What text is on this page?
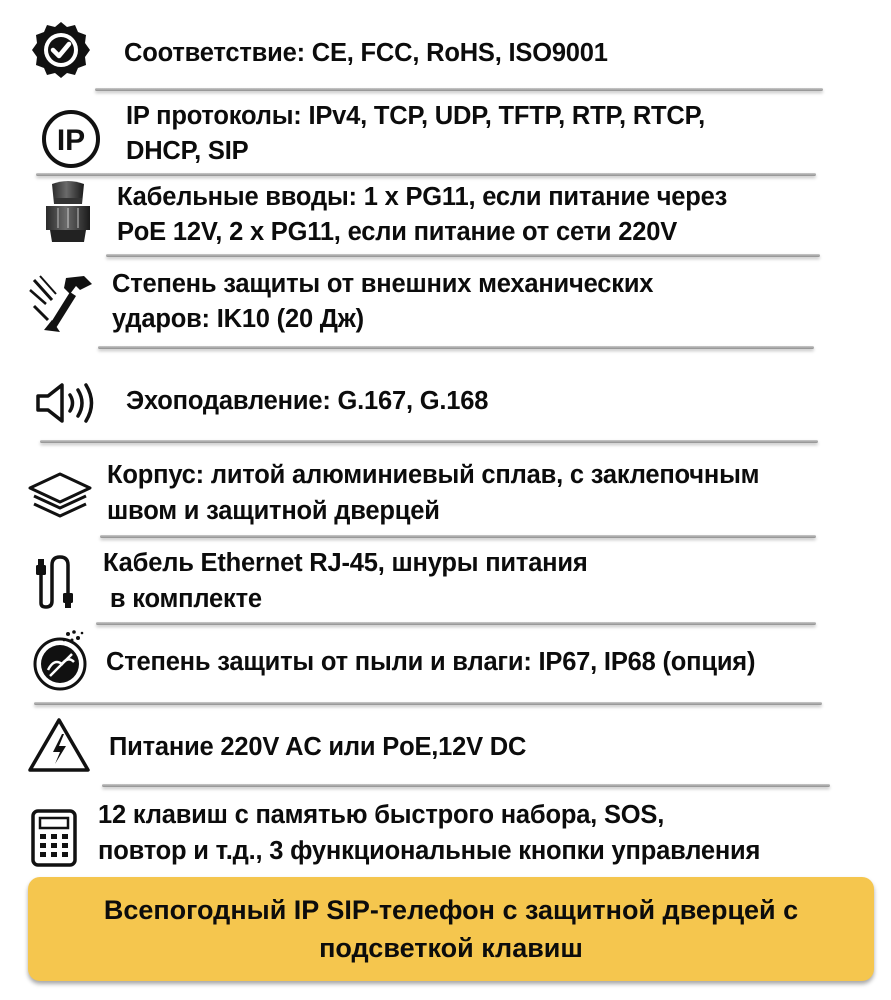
Соответствие: CE, FCC, RoHS, ISO9001
IP
IP протоколы: IPv4, TCP, UDP, TFTP, RTP, RTCP,
DHCP, SIP
Кабельные вводы: 1 x PG11, если питание через
PoE 12V, 2 x PG11, если питание от сети 220V
Степень защиты от внешних механических
ударов: IK10 (20 Дж)
Эхоподавление: G.167, G.168
Корпус: литой алюминиевый сплав, с заклепочным
швом и защитной дверцей
Кабель Ethernet RJ-45, шнуры питания
в комплекте
Степень защиты от пыли и влаги: IP67, IP68 (опция)
Питание 220V AC или PoE,12V DC
12 клавиш с памятью быстрого набора, SOS,
повтор и т.д., 3 функциональные кнопки управления
Всепогодный IP SIP-телефон с защитной дверцей с
подсветкой клавиш
